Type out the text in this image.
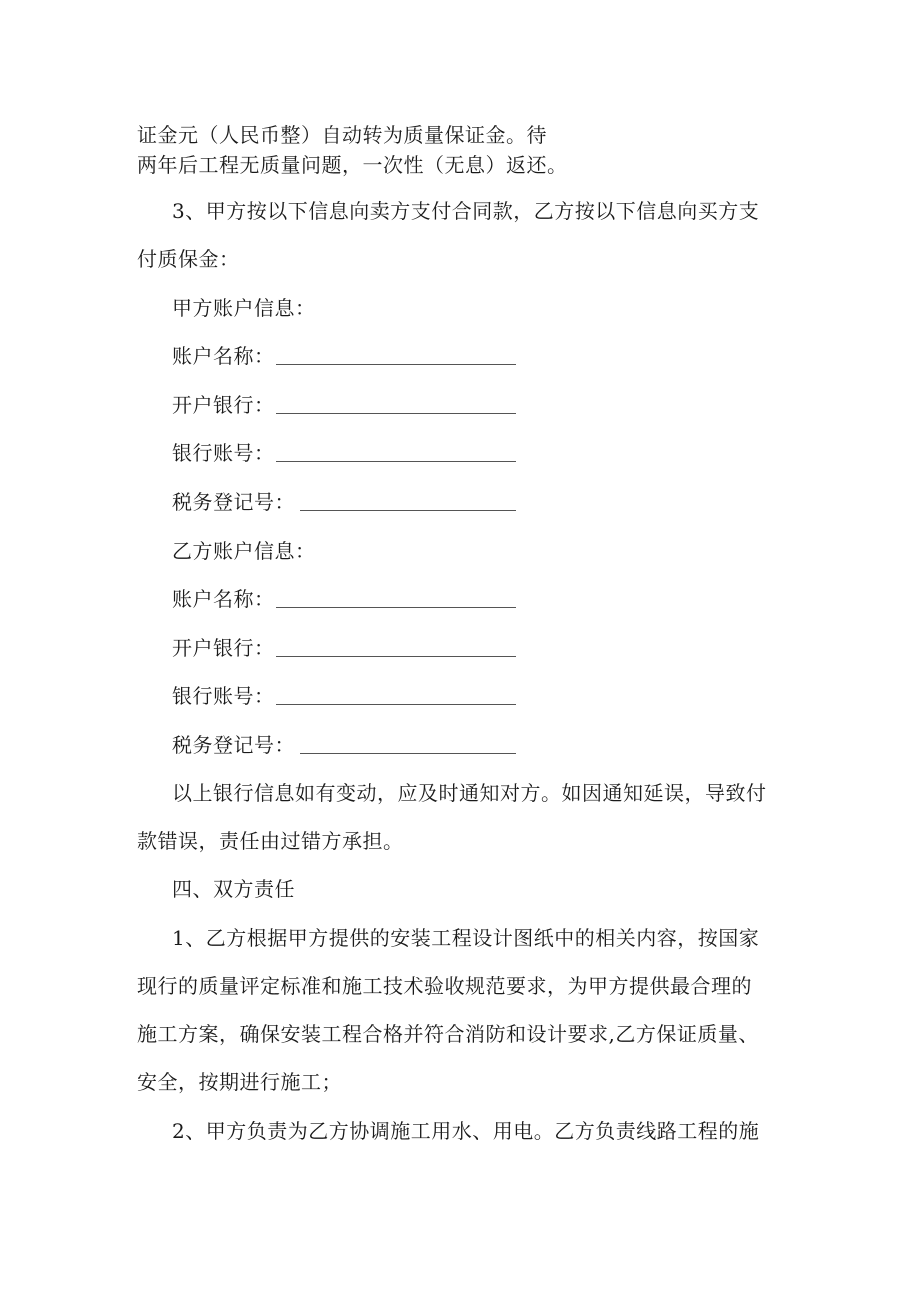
证金元（人民币整）自动转为质量保证金。待
两年后工程无质量问题，一次性（无息）返还。
3、甲方按以下信息向卖方支付合同款，乙方按以下信息向买方支
付质保金：
甲方账户信息：
账户名称：
开户银行：
银行账号：
税务登记号：
乙方账户信息：
账户名称：
开户银行：
银行账号：
税务登记号：
以上银行信息如有变动，应及时通知对方。如因通知延误，导致付
款错误，责任由过错方承担。
四、双方责任
1、乙方根据甲方提供的安装工程设计图纸中的相关内容，按国家
现行的质量评定标准和施工技术验收规范要求，为甲方提供最合理的
施工方案，确保安装工程合格并符合消防和设计要求,乙方保证质量、
安全，按期进行施工；
2、甲方负责为乙方协调施工用水、用电。乙方负责线路工程的施
